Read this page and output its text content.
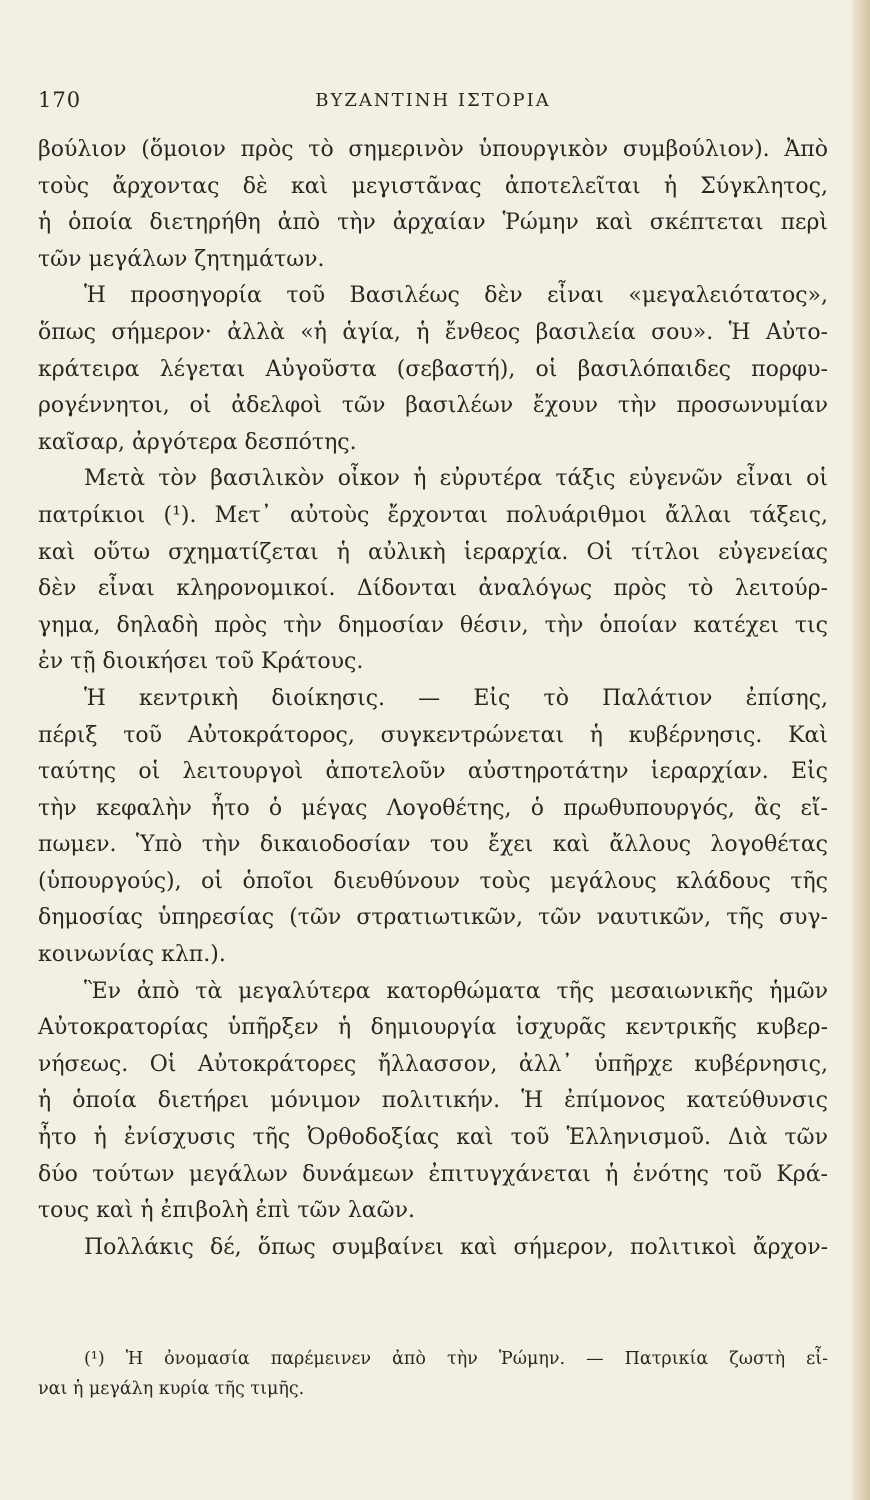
170	ΒΥΖΑΝΤΙΝΗ ΙΣΤΟΡΙΑ
βούλιον (ὅμοιον πρὸς τὸ σημερινὸν ὑπουργικὸν συμβούλιον). Ἀπὸ
τοὺς ἄρχοντας δὲ καὶ μεγιστᾶνας ἀποτελεῖται ἡ Σύγκλητος,
ἡ ὁποία διετηρήθη ἀπὸ τὴν ἀρχαίαν Ῥώμην καὶ σκέπτεται περὶ
τῶν μεγάλων ζητημάτων.
Ἡ προσηγορία τοῦ Βασιλέως δὲν εἶναι «μεγαλειότατος»,
ὅπως σήμερον· ἀλλὰ «ἡ ἁγία, ἡ ἔνθεος βασιλεία σου». Ἡ Αὐτο-
κράτειρα λέγεται Αὐγοῦστα (σεβαστή), οἱ βασιλόπαιδες πορφυ-
ρογέννητοι, οἱ ἀδελφοὶ τῶν βασιλέων ἔχουν τὴν προσωνυμίαν
καῖσαρ, ἀργότερα δεσπότης.
Μετὰ τὸν βασιλικὸν οἶκον ἡ εὐρυτέρα τάξις εὐγενῶν εἶναι οἱ
πατρίκιοι (¹). Μετ᾽ αὐτοὺς ἔρχονται πολυάριθμοι ἄλλαι τάξεις,
καὶ οὕτω σχηματίζεται ἡ αὐλικὴ ἱεραρχία. Οἱ τίτλοι εὐγενείας
δὲν εἶναι κληρονομικοί. Δίδονται ἀναλόγως πρὸς τὸ λειτούρ-
γημα, δηλαδὴ πρὸς τὴν δημοσίαν θέσιν, τὴν ὁποίαν κατέχει τις
ἐν τῇ διοικήσει τοῦ Κράτους.
Ἡ κεντρικὴ διοίκησις. — Εἰς τὸ Παλάτιον ἐπίσης,
πέριξ τοῦ Αὐτοκράτορος, συγκεντρώνεται ἡ κυβέρνησις. Καὶ
ταύτης οἱ λειτουργοὶ ἀποτελοῦν αὐστηροτάτην ἱεραρχίαν. Εἰς
τὴν κεφαλὴν ἦτο ὁ μέγας Λογοθέτης, ὁ πρωθυπουργός, ἂς εἴ-
πωμεν. Ὑπὸ τὴν δικαιοδοσίαν του ἔχει καὶ ἄλλους λογοθέτας
(ὑπουργούς), οἱ ὁποῖοι διευθύνουν τοὺς μεγάλους κλάδους τῆς
δημοσίας ὑπηρεσίας (τῶν στρατιωτικῶν, τῶν ναυτικῶν, τῆς συγ-
κοινωνίας κλπ.).
Ἓν ἀπὸ τὰ μεγαλύτερα κατορθώματα τῆς μεσαιωνικῆς ἡμῶν
Αὐτοκρατορίας ὑπῆρξεν ἡ δημιουργία ἰσχυρᾶς κεντρικῆς κυβερ-
νήσεως. Οἱ Αὐτοκράτορες ἤλλασσον, ἀλλ᾽ ὑπῆρχε κυβέρνησις,
ἡ ὁποία διετήρει μόνιμον πολιτικήν. Ἡ ἐπίμονος κατεύθυνσις
ἦτο ἡ ἐνίσχυσις τῆς Ὀρθοδοξίας καὶ τοῦ Ἑλληνισμοῦ. Διὰ τῶν
δύο τούτων μεγάλων δυνάμεων ἐπιτυγχάνεται ἡ ἑνότης τοῦ Κρά-
τους καὶ ἡ ἐπιβολὴ ἐπὶ τῶν λαῶν.
Πολλάκις δέ, ὅπως συμβαίνει καὶ σήμερον, πολιτικοὶ ἄρχον-
(¹) Ἡ ὀνομασία παρέμεινεν ἀπὸ τὴν Ῥώμην. — Πατρικία ζωστὴ εἶ-
ναι ἡ μεγάλη κυρία τῆς τιμῆς.
